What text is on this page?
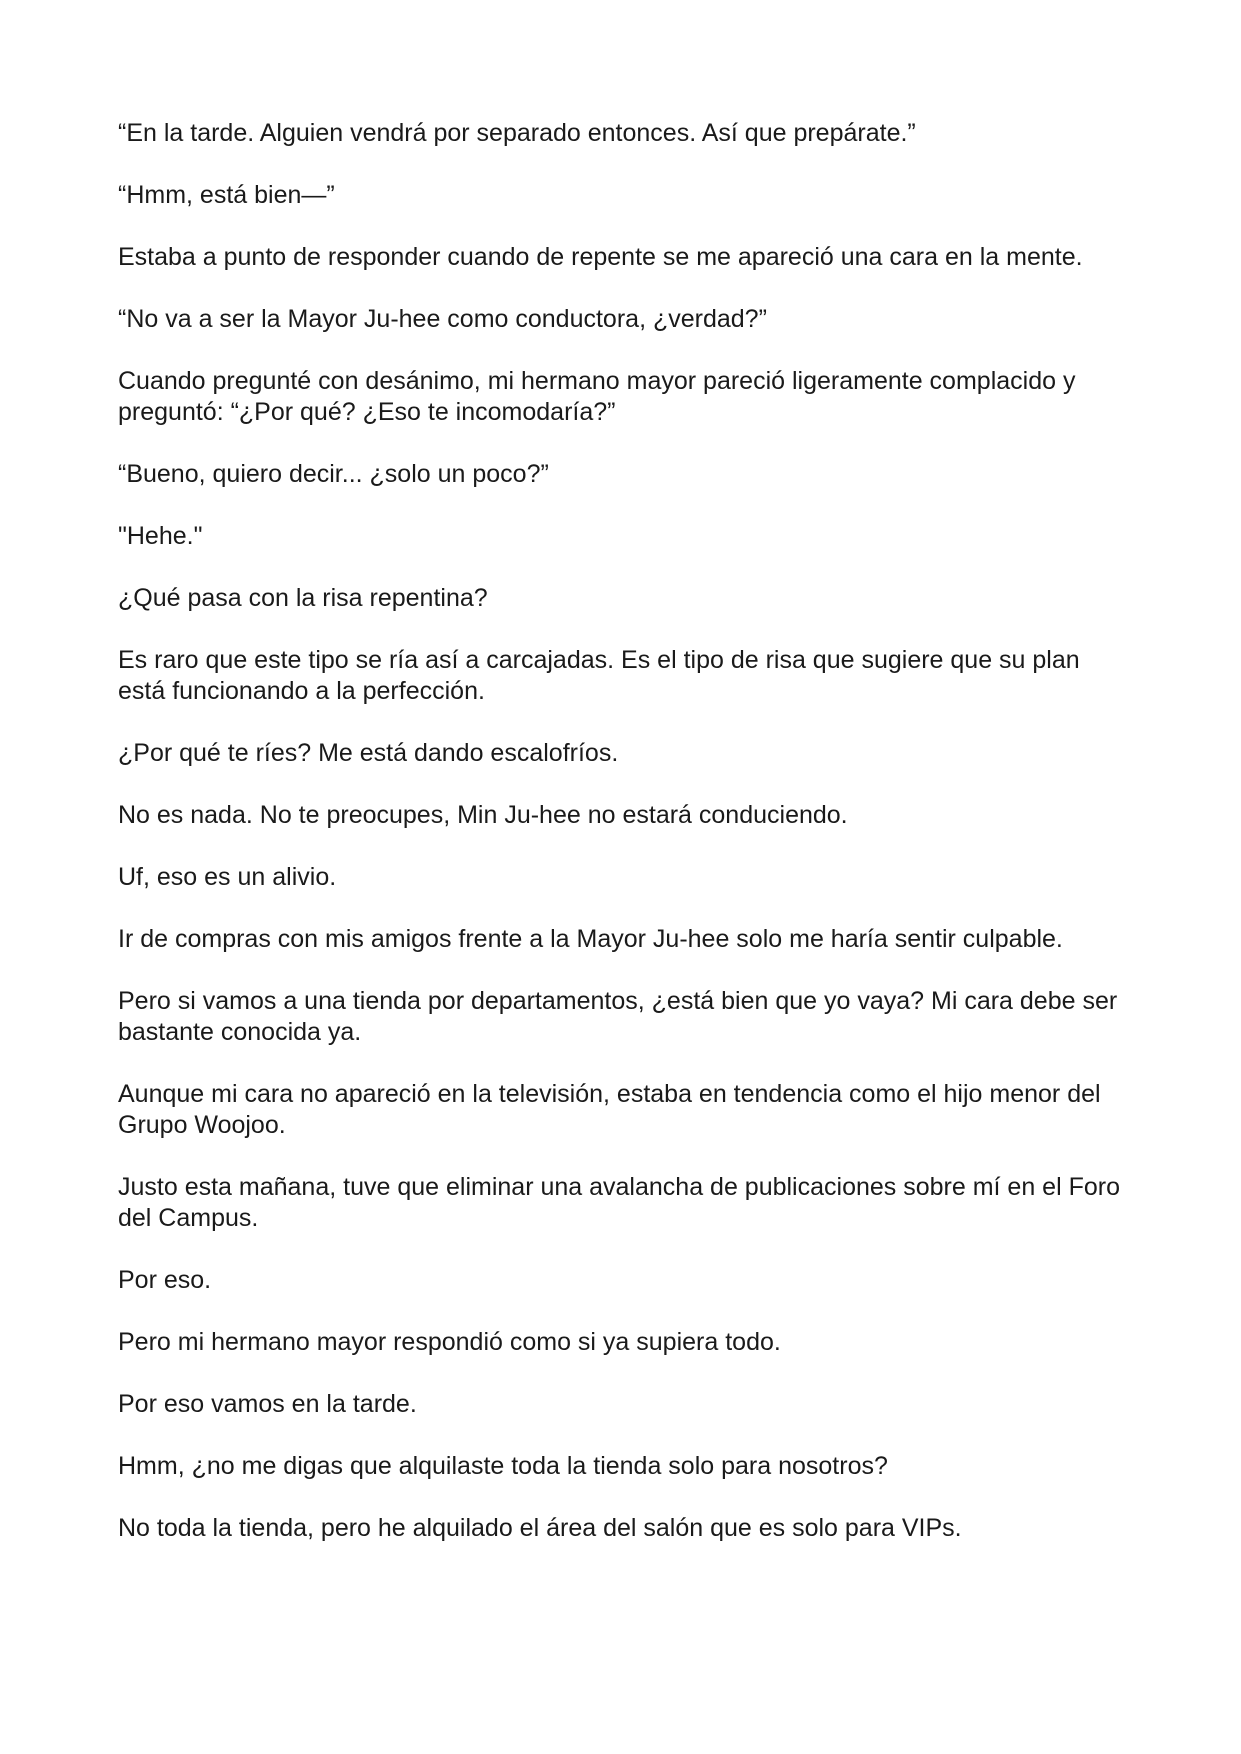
“En la tarde. Alguien vendrá por separado entonces. Así que prepárate.”

“Hmm, está bien—”

Estaba a punto de responder cuando de repente se me apareció una cara en la mente.

“No va a ser la Mayor Ju-hee como conductora, ¿verdad?”

Cuando pregunté con desánimo, mi hermano mayor pareció ligeramente complacido y preguntó: “¿Por qué? ¿Eso te incomodaría?”

“Bueno, quiero decir... ¿solo un poco?”

"Hehe."

¿Qué pasa con la risa repentina?

Es raro que este tipo se ría así a carcajadas. Es el tipo de risa que sugiere que su plan está funcionando a la perfección.

¿Por qué te ríes? Me está dando escalofríos.

No es nada. No te preocupes, Min Ju-hee no estará conduciendo.

Uf, eso es un alivio.

Ir de compras con mis amigos frente a la Mayor Ju-hee solo me haría sentir culpable.

Pero si vamos a una tienda por departamentos, ¿está bien que yo vaya? Mi cara debe ser bastante conocida ya.

Aunque mi cara no apareció en la televisión, estaba en tendencia como el hijo menor del Grupo Woojoo.

Justo esta mañana, tuve que eliminar una avalancha de publicaciones sobre mí en el Foro del Campus.

Por eso.

Pero mi hermano mayor respondió como si ya supiera todo.

Por eso vamos en la tarde.

Hmm, ¿no me digas que alquilaste toda la tienda solo para nosotros?

No toda la tienda, pero he alquilado el área del salón que es solo para VIPs.
